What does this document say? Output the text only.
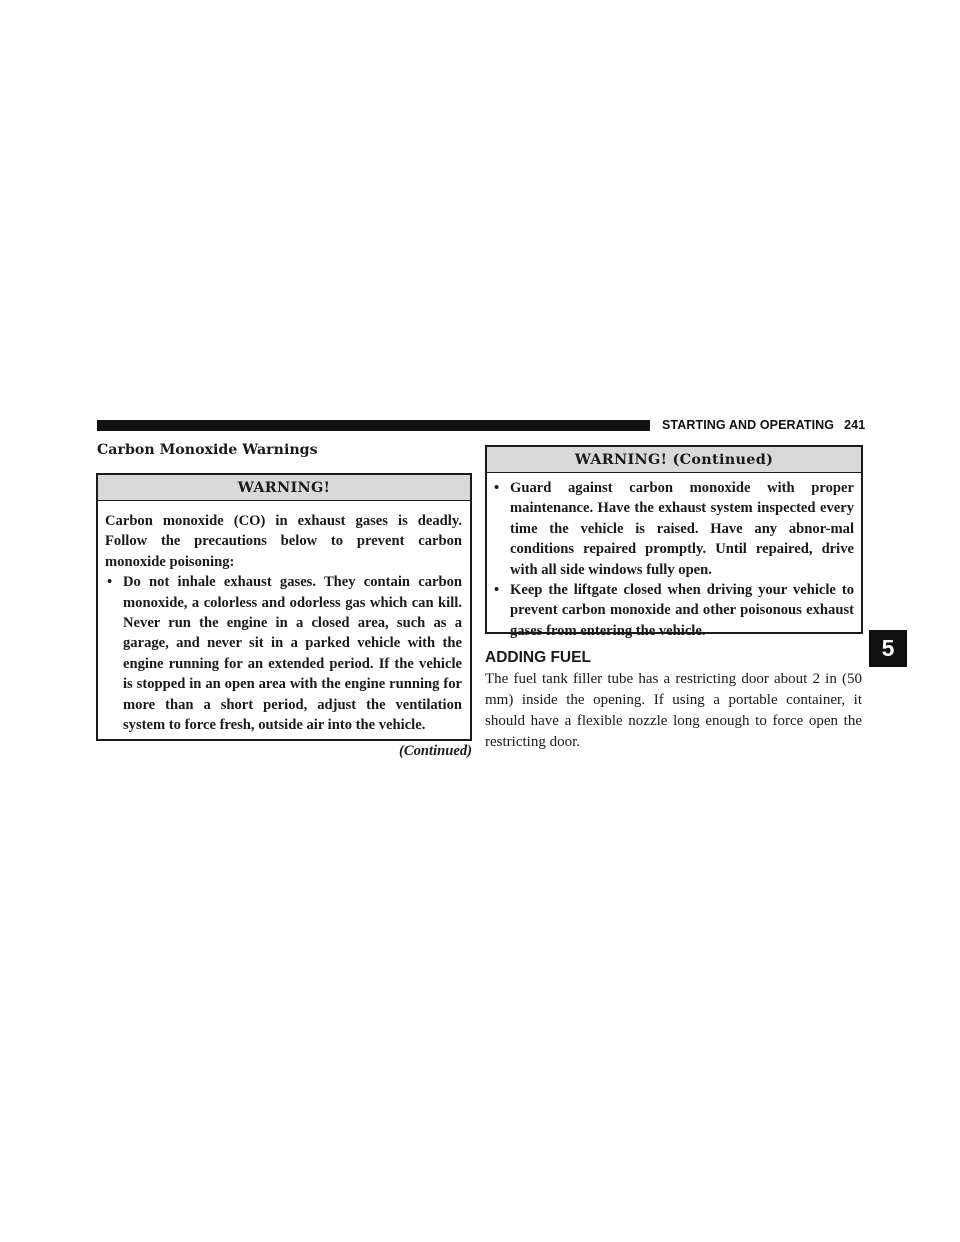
STARTING AND OPERATING 241
5
Carbon Monoxide Warnings
WARNING!

Carbon monoxide (CO) in exhaust gases is deadly. Follow the precautions below to prevent carbon monoxide poisoning:

• Do not inhale exhaust gases. They contain carbon monoxide, a colorless and odorless gas which can kill. Never run the engine in a closed area, such as a garage, and never sit in a parked vehicle with the engine running for an extended period. If the vehicle is stopped in an open area with the engine running for more than a short period, adjust the ventilation system to force fresh, outside air into the vehicle.
(Continued)
WARNING! (Continued)
• Guard against carbon monoxide with proper maintenance. Have the exhaust system inspected every time the vehicle is raised. Have any abnor-mal conditions repaired promptly. Until repaired, drive with all side windows fully open.
• Keep the liftgate closed when driving your vehicle to prevent carbon monoxide and other poisonous exhaust gases from entering the vehicle.
ADDING FUEL

The fuel tank filler tube has a restricting door about 2 in (50 mm) inside the opening. If using a portable container, it should have a flexible nozzle long enough to force open the restricting door.
